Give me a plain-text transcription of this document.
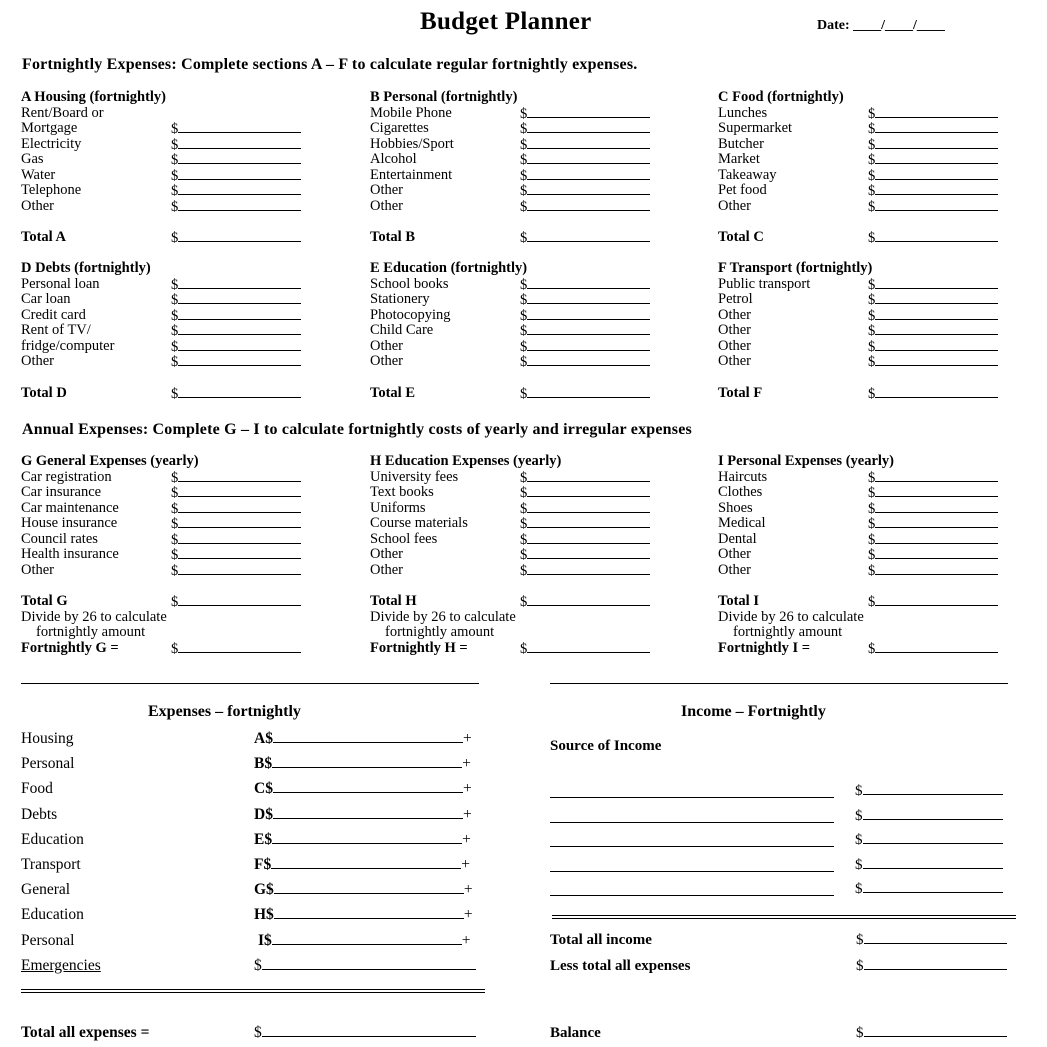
Budget Planner	Date: ____/____/____
Fortnightly Expenses: Complete sections A – F to calculate regular fortnightly expenses.
Annual Expenses: Complete G – I to calculate fortnightly costs of yearly and irregular expenses
A Housing (fortnightly)
Rent/Board or
Mortgage	$
Electricity	$
Gas	$
Water	$
Telephone	$
Other	$
Total A	$
B Personal (fortnightly)
Mobile Phone	$
Cigarettes	$
Hobbies/Sport	$
Alcohol	$
Entertainment	$
Other	$
Other	$
Total B	$
C Food (fortnightly)
Lunches	$
Supermarket	$
Butcher	$
Market	$
Takeaway	$
Pet food	$
Other	$
Total C	$
D Debts (fortnightly)
Personal loan	$
Car loan	$
Credit card	$
Rent of TV/	$
fridge/computer	$
Other	$
Total D	$
E Education (fortnightly)
School books	$
Stationery	$
Photocopying	$
Child Care	$
Other	$
Other	$
Total E	$
F Transport (fortnightly)
Public transport	$
Petrol	$
Other	$
Other	$
Other	$
Other	$
Total F	$
G General Expenses (yearly)
Car registration	$
Car insurance	$
Car maintenance	$
House insurance	$
Council rates	$
Health insurance	$
Other	$
Total G	$
Divide by 26 to calculate
fortnightly amount
Fortnightly G =	$
H Education Expenses (yearly)
University fees	$
Text books	$
Uniforms	$
Course materials	$
School fees	$
Other	$
Other	$
Total H	$
Divide by 26 to calculate
fortnightly amount
Fortnightly H =	$
I Personal Expenses (yearly)
Haircuts	$
Clothes	$
Shoes	$
Medical	$
Dental	$
Other	$
Other	$
Total I	$
Divide by 26 to calculate
fortnightly amount
Fortnightly I =	$
Expenses – fortnightly
Housing	A$	+
Personal	B$	+
Food	C$	+
Debts	D$	+
Education	E$	+
Transport	F$	+
General	G$	+
Education	H$	+
Personal	I$	+
Emergencies	$
Total all expenses =	$
Income – Fortnightly
Source of Income
$
$
$
$
$
Total all income	$
Less total all expenses	$
Balance	$
